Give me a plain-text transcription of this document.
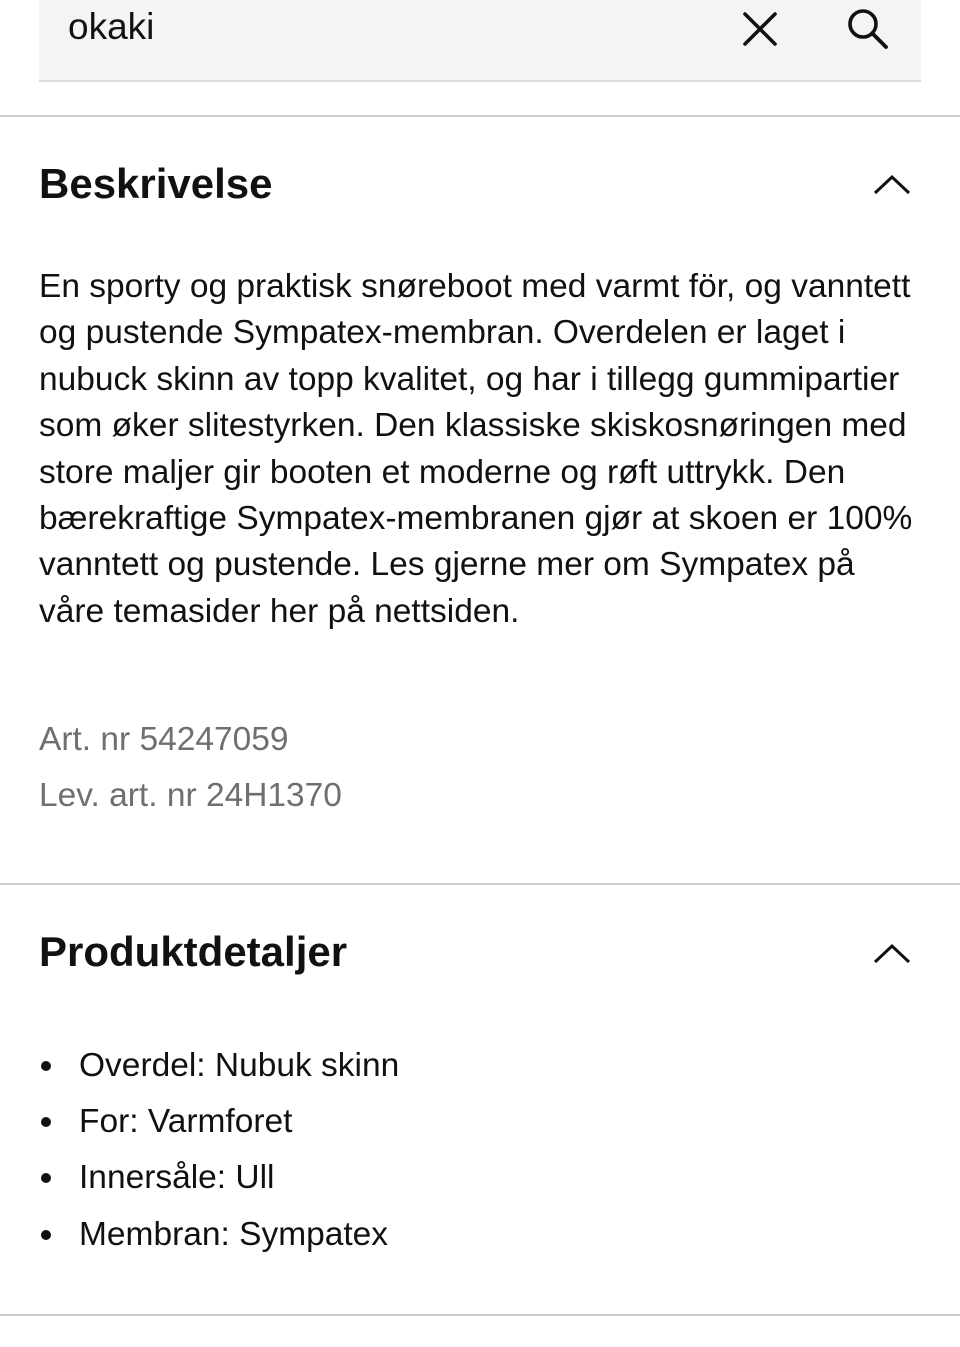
okaki
Beskrivelse

En sporty og praktisk snøreboot med varmt för, og vanntett og pustende Sympatex-membran. Overdelen er laget i nubuck skinn av topp kvalitet, og har i tillegg gummipartier som øker slitestyrken. Den klassiske skiskosnøringen med store maljer gir booten et moderne og røft uttrykk. Den bærekraftige Sympatex-membranen gjør at skoen er 100% vanntett og pustende. Les gjerne mer om Sympatex på våre temasider her på nettsiden.

Art. nr 54247059

Lev. art. nr 24H1370

Produktdetaljer
Overdel: Nubuk skinn
For: Varmforet
Innersåle: Ull
Membran: Sympatex
